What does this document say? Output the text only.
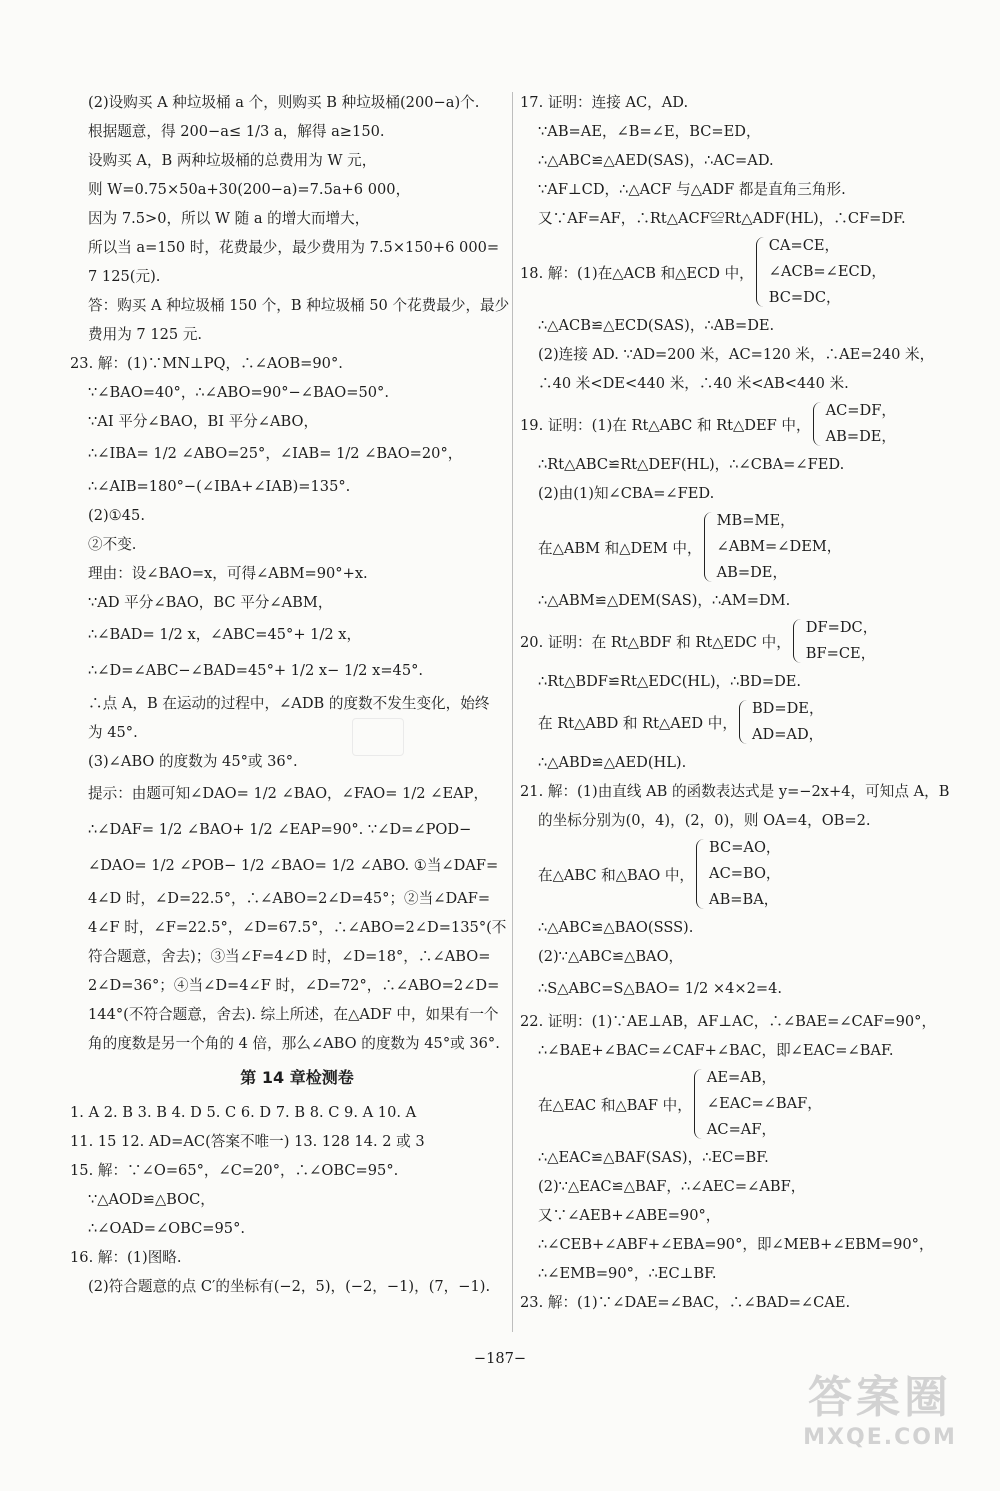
(2)设购买 A 种垃圾桶 a 个，则购买 B 种垃圾桶(200−a)个.
根据题意，得 200−a≤ 1/3 a，解得 a≥150.
设购买 A，B 两种垃圾桶的总费用为 W 元，
则 W=0.75×50a+30(200−a)=7.5a+6 000，
因为 7.5>0，所以 W 随 a 的增大而增大，
所以当 a=150 时，花费最少，最少费用为 7.5×150+6 000=
7 125(元).
答：购买 A 种垃圾桶 150 个，B 种垃圾桶 50 个花费最少，最少
费用为 7 125 元.
23. 解：(1)∵MN⊥PQ，∴∠AOB=90°.
∵∠BAO=40°，∴∠ABO=90°−∠BAO=50°.
∵AI 平分∠BAO，BI 平分∠ABO，
∴∠IBA= 1/2 ∠ABO=25°，∠IAB= 1/2 ∠BAO=20°，
∴∠AIB=180°−(∠IBA+∠IAB)=135°.
(2)①45.
②不变.
理由：设∠BAO=x，可得∠ABM=90°+x.
∵AD 平分∠BAO，BC 平分∠ABM，
∴∠BAD= 1/2 x，∠ABC=45°+ 1/2 x，
∴∠D=∠ABC−∠BAD=45°+ 1/2 x− 1/2 x=45°.
∴点 A，B 在运动的过程中，∠ADB 的度数不发生变化，始终
为 45°.
(3)∠ABO 的度数为 45°或 36°.
提示：由题可知∠DAO= 1/2 ∠BAO，∠FAO= 1/2 ∠EAP，
∴∠DAF= 1/2 ∠BAO+ 1/2 ∠EAP=90°. ∵∠D=∠POD−
∠DAO= 1/2 ∠POB− 1/2 ∠BAO= 1/2 ∠ABO. ①当∠DAF=
4∠D 时，∠D=22.5°，∴∠ABO=2∠D=45°；②当∠DAF=
4∠F 时，∠F=22.5°，∠D=67.5°，∴∠ABO=2∠D=135°(不
符合题意，舍去)；③当∠F=4∠D 时，∠D=18°，∴∠ABO=
2∠D=36°；④当∠D=4∠F 时，∠D=72°，∴∠ABO=2∠D=
144°(不符合题意，舍去). 综上所述，在△ADF 中，如果有一个
角的度数是另一个角的 4 倍，那么∠ABO 的度数为 45°或 36°.
第 14 章检测卷
1. A 2. B 3. B 4. D 5. C 6. D 7. B 8. C 9. A 10. A
11. 15 12. AD=AC(答案不唯一) 13. 128 14. 2 或 3
15. 解：∵∠O=65°，∠C=20°，∴∠OBC=95°.
∵△AOD≌△BOC，
∴∠OAD=∠OBC=95°.
16. 解：(1)图略.
(2)符合题意的点 C′的坐标有(−2，5)，(−2，−1)，(7，−1).
17. 证明：连接 AC，AD.
∵AB=AE，∠B=∠E，BC=ED，
∴△ABC≌△AED(SAS)，∴AC=AD.
∵AF⊥CD，∴△ACF 与△ADF 都是直角三角形.
又∵AF=AF，∴Rt△ACF≌Rt△ADF(HL)，∴CF=DF.
18. 解：(1)在△ACB 和△ECD 中，
CA=CE，
∠ACB=∠ECD，
BC=DC，
∴△ACB≌△ECD(SAS)，∴AB=DE.
(2)连接 AD. ∵AD=200 米，AC=120 米，∴AE=240 米，
∴40 米<DE<440 米，∴40 米<AB<440 米.
19. 证明：(1)在 Rt△ABC 和 Rt△DEF 中，
AC=DF，
AB=DE，
∴Rt△ABC≌Rt△DEF(HL)，∴∠CBA=∠FED.
(2)由(1)知∠CBA=∠FED.
在△ABM 和△DEM 中，
MB=ME，
∠ABM=∠DEM，
AB=DE，
∴△ABM≌△DEM(SAS)，∴AM=DM.
20. 证明：在 Rt△BDF 和 Rt△EDC 中，
DF=DC，
BF=CE，
∴Rt△BDF≌Rt△EDC(HL)，∴BD=DE.
在 Rt△ABD 和 Rt△AED 中，
BD=DE，
AD=AD，
∴△ABD≌△AED(HL).
21. 解：(1)由直线 AB 的函数表达式是 y=−2x+4，可知点 A，B
的坐标分别为(0，4)，(2，0)，则 OA=4，OB=2.
在△ABC 和△BAO 中，
BC=AO，
AC=BO，
AB=BA，
∴△ABC≌△BAO(SSS).
(2)∵△ABC≌△BAO，
∴S△ABC=S△BAO= 1/2 ×4×2=4.
22. 证明：(1)∵AE⊥AB，AF⊥AC，∴∠BAE=∠CAF=90°，
∴∠BAE+∠BAC=∠CAF+∠BAC，即∠EAC=∠BAF.
在△EAC 和△BAF 中，
AE=AB，
∠EAC=∠BAF，
AC=AF，
∴△EAC≌△BAF(SAS)，∴EC=BF.
(2)∵△EAC≌△BAF，∴∠AEC=∠ABF，
又∵∠AEB+∠ABE=90°，
∴∠CEB+∠ABF+∠EBA=90°，即∠MEB+∠EBM=90°，
∴∠EMB=90°，∴EC⊥BF.
23. 解：(1)∵∠DAE=∠BAC，∴∠BAD=∠CAE.
−187−
答案圈
MXQE.COM
